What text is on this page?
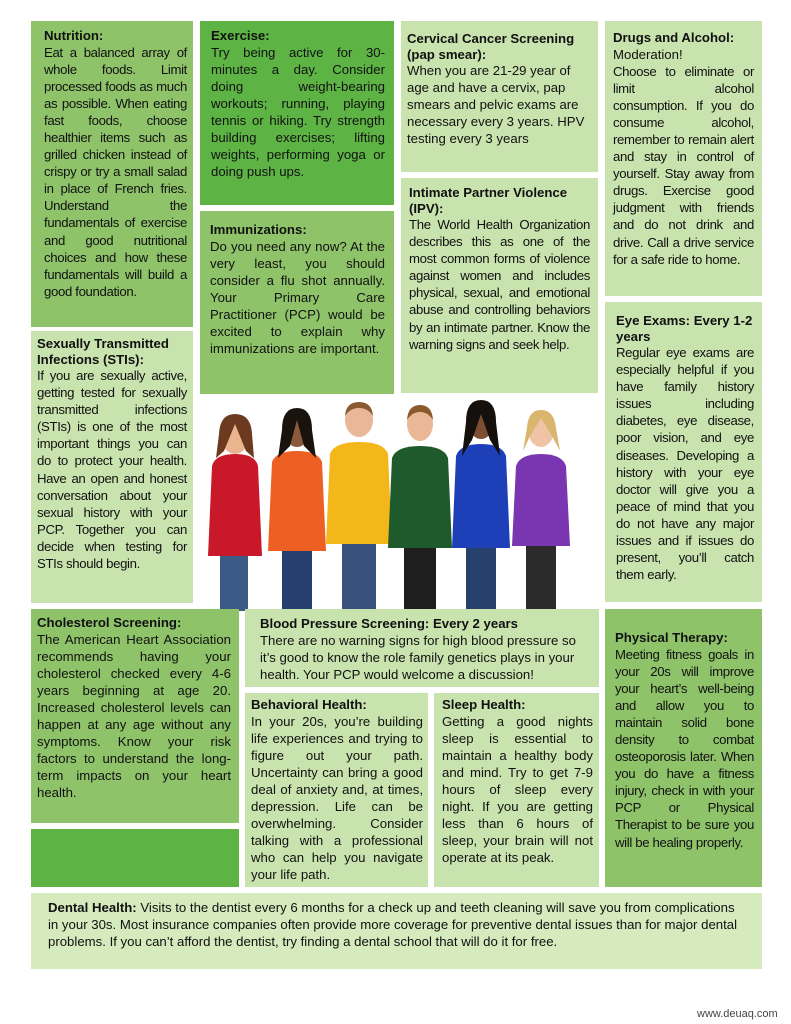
Nutrition:
Eat a balanced array of whole foods. Limit processed foods as much as possible. When eating fast foods, choose healthier items such as grilled chicken instead of crispy or try a small salad in place of French fries. Understand the fundamentals of exercise and good nutritional choices and how these fundamentals will build a good foundation.
Exercise:
Try being active for 30-minutes a day. Consider doing weight-bearing workouts; running, playing tennis or hiking. Try strength building exercises; lifting weights, performing yoga or doing push ups.
Immunizations:
Do you need any now? At the very least, you should consider a flu shot annually. Your Primary Care Practitioner (PCP) would be excited to explain why immunizations are important.
Cervical Cancer Screening (pap smear):
When you are 21-29 year of age and have a cervix, pap smears and pelvic exams are necessary every 3 years. HPV testing every 3 years
Intimate Partner Violence (IPV):
The World Health Organization describes this as one of the most common forms of violence against women and includes physical, sexual, and emotional abuse and controlling behaviors by an intimate partner. Know the warning signs and seek help.
Drugs and Alcohol:
Moderation!
Choose to eliminate or limit alcohol consumption. If you do consume alcohol, remember to remain alert and stay in control of yourself. Stay away from drugs. Exercise good judgment with friends and do not drink and drive. Call a drive service for a safe ride to home.
Sexually Transmitted Infections (STIs):
If you are sexually active, getting tested for sexually transmitted infections (STIs) is one of the most important things you can do to protect your health. Have an open and honest conversation about your sexual history with your PCP. Together you can decide when testing for STIs should begin.
Eye Exams: Every 1-2 years
Regular eye exams are especially helpful if you have family history issues including diabetes, eye disease, poor vision, and eye diseases. Developing a history with your eye doctor will give you a peace of mind that you do not have any major issues and if issues do present, you’ll catch them early.
Cholesterol Screening:
The American Heart Association recommends having your cholesterol checked every 4-6 years beginning at age 20. Increased cholesterol levels can happen at any age without any symptoms. Know your risk factors to understand the long-term impacts on your heart health.
Blood Pressure Screening: Every 2 years
There are no warning signs for high blood pressure so it’s good to know the role family genetics plays in your health. Your PCP would welcome a discussion!
Behavioral Health:
In your 20s, you’re building life experiences and trying to figure out your path. Uncertainty can bring a good deal of anxiety and, at times, depression. Life can be overwhelming. Consider talking with a professional who can help you navigate your life path.
Sleep Health:
Getting a good nights sleep is essential to maintain a healthy body and mind. Try to get 7-9 hours of sleep every night. If you are getting less than 6 hours of sleep, your brain will not operate at its peak.
Physical Therapy:
Meeting fitness goals in your 20s will improve your heart’s well-being and allow you to maintain solid bone density to combat osteoporosis later. When you do have a fitness injury, check in with your PCP or Physical Therapist to be sure you will be healing properly.
Dental Health: Visits to the dentist every 6 months for a check up and teeth cleaning will save you from complications in your 30s. Most insurance companies often provide more coverage for preventive dental issues than for major dental problems. If you can’t afford the dentist, try finding a dental school that will do it for free.
www.deuaq.com
